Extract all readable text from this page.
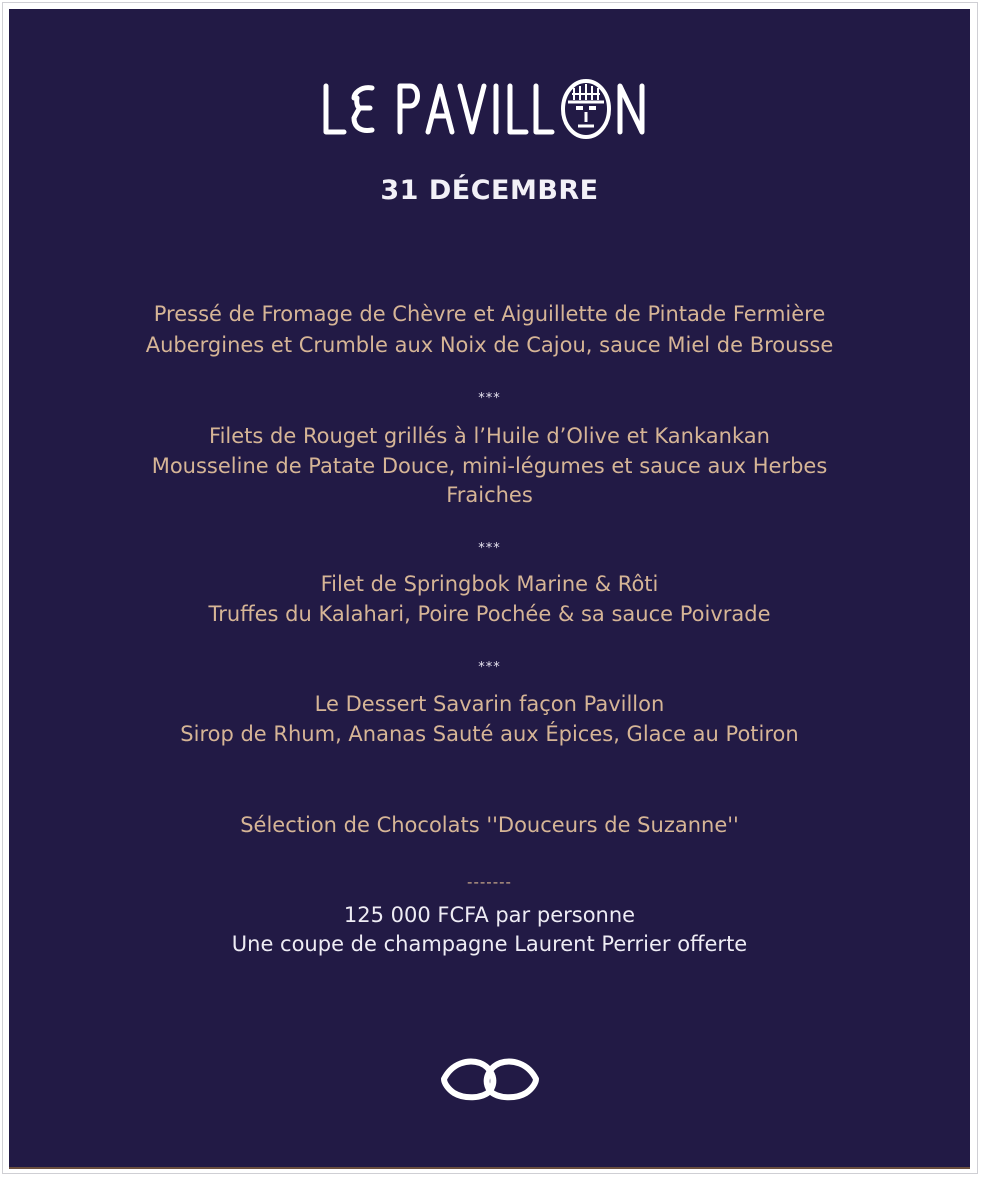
31 DÉCEMBRE
Pressé de Fromage de Chèvre et Aiguillette de Pintade Fermière
Aubergines et Crumble aux Noix de Cajou, sauce Miel de Brousse
***
Filets de Rouget grillés à l’Huile d’Olive et Kankankan
Mousseline de Patate Douce, mini-légumes et sauce aux Herbes
Fraiches
***
Filet de Springbok Marine & Rôti
Truffes du Kalahari, Poire Pochée & sa sauce Poivrade
***
Le Dessert Savarin façon Pavillon
Sirop de Rhum, Ananas Sauté aux Épices, Glace au Potiron
Sélection de Chocolats ''Douceurs de Suzanne''
-------
125 000 FCFA par personne
Une coupe de champagne Laurent Perrier offerte
